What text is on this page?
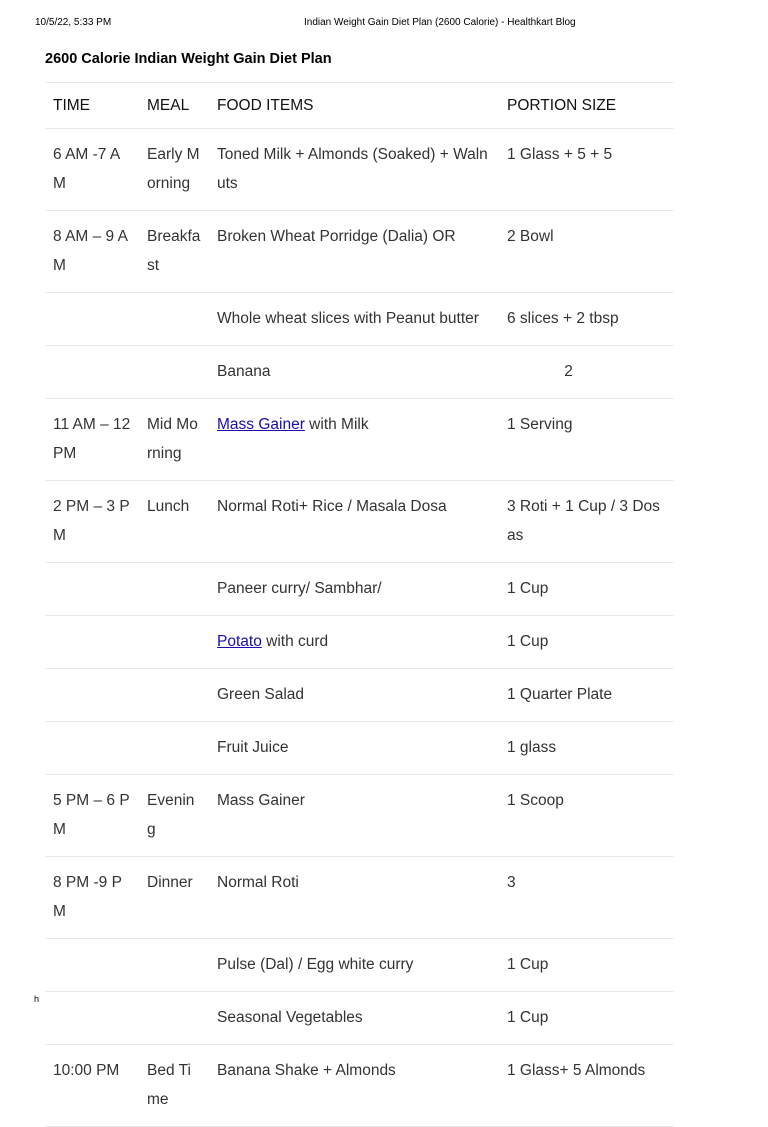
10/5/22, 5:33 PM	Indian Weight Gain Diet Plan (2600 Calorie) - Healthkart Blog
2600 Calorie Indian Weight Gain Diet Plan
TIME	MEAL	FOOD ITEMS	PORTION SIZE
6 AM -7 AM	Early Morning	Toned Milk + Almonds (Soaked) + Walnuts	1 Glass + 5 + 5
8 AM – 9 AM	Breakfast	Broken Wheat Porridge (Dalia) OR	2 Bowl
		Whole wheat slices with Peanut butter	6 slices + 2 tbsp
		Banana	2
11 AM – 12 PM	Mid Morning	Mass Gainer with Milk	1 Serving
2 PM – 3 PM	Lunch	Normal Roti+ Rice / Masala Dosa	3 Roti + 1 Cup / 3 Dosas
		Paneer curry/ Sambhar/	1 Cup
		Potato with curd	1 Cup
		Green Salad	1 Quarter Plate
		Fruit Juice	1 glass
5 PM – 6 PM	Evening	Mass Gainer	1 Scoop
8 PM -9 PM	Dinner	Normal Roti	3
		Pulse (Dal) / Egg white curry	1 Cup
		Seasonal Vegetables	1 Cup
10:00 PM	Bed Time	Banana Shake + Almonds	1 Glass+ 5 Almonds
h
